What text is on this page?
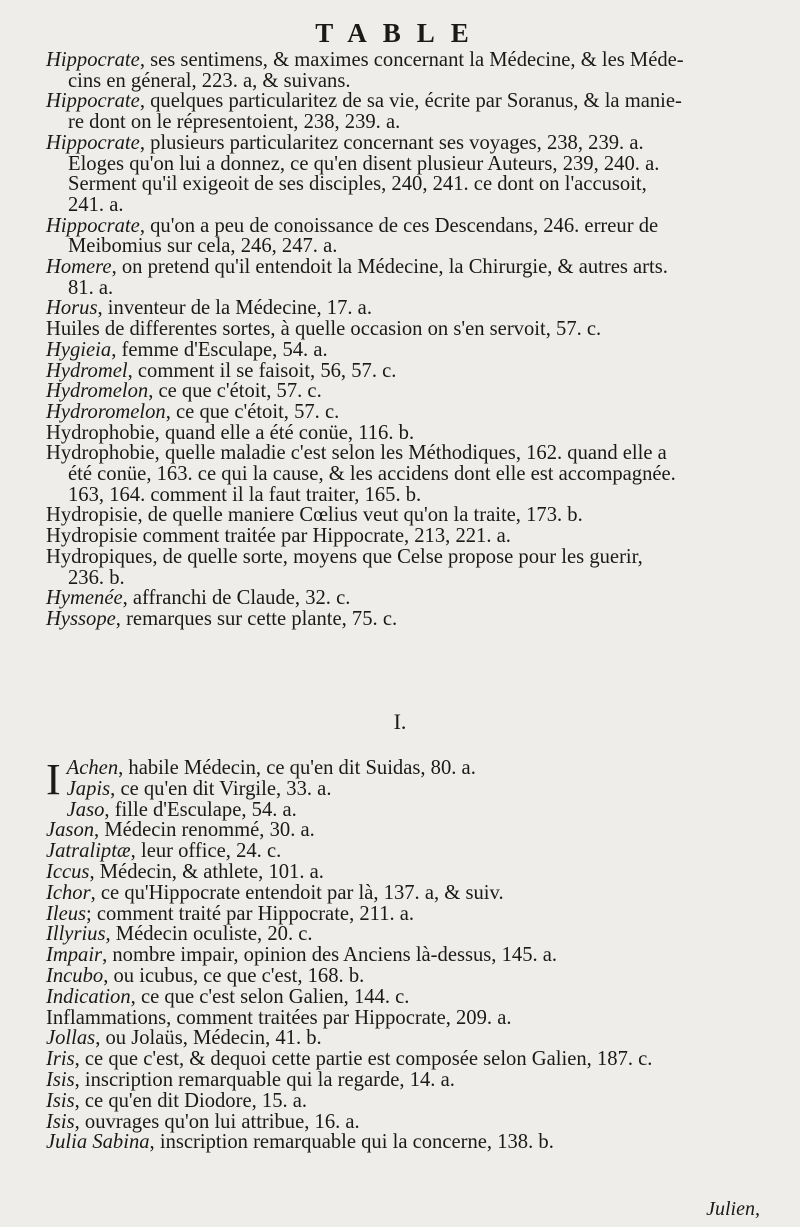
TABLE
Hippocrate, ses sentimens, & maximes concernant la Médecine, & les Méde-
cins en géneral, 223. a, & suivans.
Hippocrate, quelques particularitez de sa vie, écrite par Soranus, & la manie-
re dont on le répresentoient, 238, 239. a.
Hippocrate, plusieurs particularitez concernant ses voyages, 238, 239. a.
Eloges qu'on lui a donnez, ce qu'en disent plusieur Auteurs, 239, 240. a.
Serment qu'il exigeoit de ses disciples, 240, 241. ce dont on l'accusoit,
241. a.
Hippocrate, qu'on a peu de conoissance de ces Descendans, 246. erreur de
Meibomius sur cela, 246, 247. a.
Homere, on pretend qu'il entendoit la Médecine, la Chirurgie, & autres arts.
81. a.
Horus, inventeur de la Médecine, 17. a.
Huiles de differentes sortes, à quelle occasion on s'en servoit, 57. c.
Hygieia, femme d'Esculape, 54. a.
Hydromel, comment il se faisoit, 56, 57. c.
Hydromelon, ce que c'étoit, 57. c.
Hydroromelon, ce que c'étoit, 57. c.
Hydrophobie, quand elle a été conüe, 116. b.
Hydrophobie, quelle maladie c'est selon les Méthodiques, 162. quand elle a
été conüe, 163. ce qui la cause, & les accidens dont elle est accompagnée.
163, 164. comment il la faut traiter, 165. b.
Hydropisie, de quelle maniere Cœlius veut qu'on la traite, 173. b.
Hydropisie comment traitée par Hippocrate, 213, 221. a.
Hydropiques, de quelle sorte, moyens que Celse propose pour les guerir,
236. b.
Hymenée, affranchi de Claude, 32. c.
Hyssope, remarques sur cette plante, 75. c.
I.
I Achen, habile Médecin, ce qu'en dit Suidas, 80. a.
Japis, ce qu'en dit Virgile, 33. a.
Jaso, fille d'Esculape, 54. a.
Jason, Médecin renommé, 30. a.
Jatraliptæ, leur office, 24. c.
Iccus, Médecin, & athlete, 101. a.
Ichor, ce qu'Hippocrate entendoit par là, 137. a, & suiv.
Ileus; comment traité par Hippocrate, 211. a.
Illyrius, Médecin oculiste, 20. c.
Impair, nombre impair, opinion des Anciens là-dessus, 145. a.
Incubo, ou icubus, ce que c'est, 168. b.
Indication, ce que c'est selon Galien, 144. c.
Inflammations, comment traitées par Hippocrate, 209. a.
Jollas, ou Jolaüs, Médecin, 41. b.
Iris, ce que c'est, & dequoi cette partie est composée selon Galien, 187. c.
Isis, inscription remarquable qui la regarde, 14. a.
Isis, ce qu'en dit Diodore, 15. a.
Isis, ouvrages qu'on lui attribue, 16. a.
Julia Sabina, inscription remarquable qui la concerne, 138. b.
Julien,
